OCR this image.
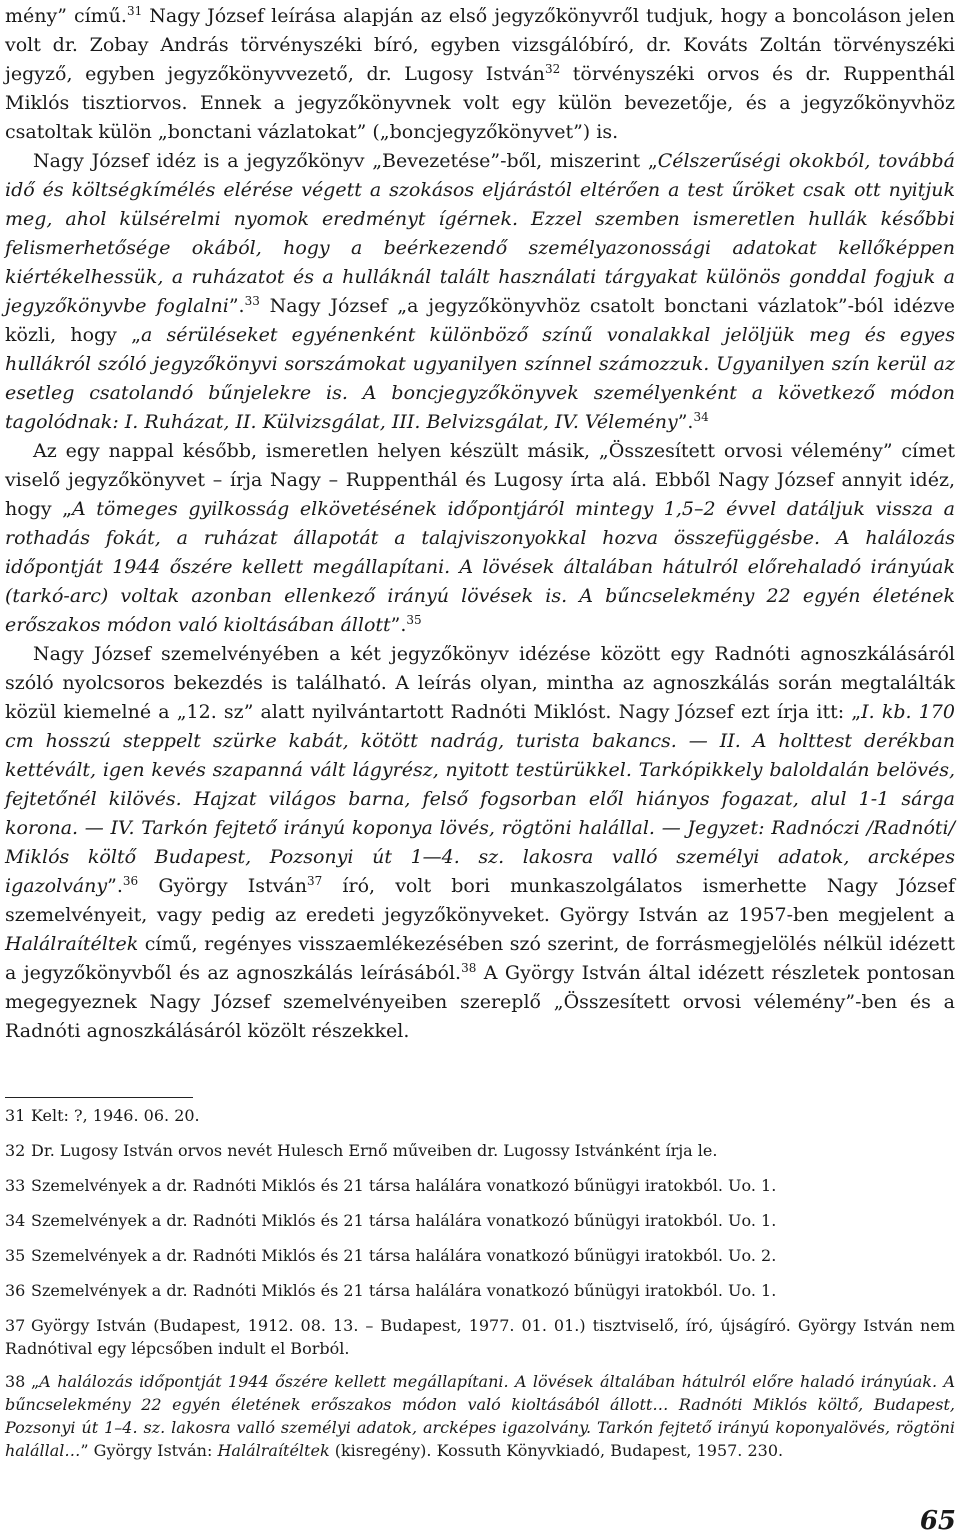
mény” című.$^{31}$ Nagy József leírása alapján az első jegyzőkönyvről tudjuk, hogy a boncoláson jelen volt dr. Zobay András törvényszéki bíró, egyben vizsgálóbíró, dr. Kováts Zoltán törvényszéki jegyző, egyben jegyzőkönyvvezető, dr. Lugosy István$^{32}$ törvényszéki orvos és dr. Ruppenthál Miklós tisztiorvos. Ennek a jegyzőkönyvnek volt egy külön bevezetője, és a jegyzőkönyvhöz csatoltak külön „bonctani vázlatokat” („boncjegyzőkönyvet”) is.

Nagy József idéz is a jegyzőkönyv „Bevezetése”-ből, miszerint „Célszerűségi okokból, továbbá idő és költségkímélés elérése végett a szokásos eljárástól eltérően a test űröket csak ott nyitjuk meg, ahol külsérelmi nyomok eredményt ígérnek. Ezzel szemben ismeretlen hullák későbbi felismerhetősége okából, hogy a beérkezendő személyazonossági adatokat kellőképpen kiértékelhessük, a ruházatot és a hulláknál talált használati tárgyakat különös gonddal fogjuk a jegyzőkönyvbe foglalni”.$^{33}$ Nagy József „a jegyzőkönyvhöz csatolt bonctani vázlatok”-ból idézve közli, hogy „a sérüléseket egyénenként különböző színű vonalakkal jelöljük meg és egyes hullákról szóló jegyzőkönyvi sorszámokat ugyanilyen színnel számozzuk. Ugyanilyen szín kerül az esetleg csatolandó bűnjelekre is. A boncjegyzőkönyvek személyenként a következő módon tagolódnak: I. Ruházat, II. Külvizsgálat, III. Belvizsgálat, IV. Vélemény”.$^{34}$

Az egy nappal később, ismeretlen helyen készült másik, „Összesített orvosi vélemény” címet viselő jegyzőkönyvet – írja Nagy – Ruppenthál és Lugosy írta alá. Ebből Nagy József annyit idéz, hogy „A tömeges gyilkosság elkövetésének időpontjáról mintegy 1,5–2 évvel datáljuk vissza a rothadás fokát, a ruházat állapotát a talajviszonyokkal hozva összefüggésbe. A halálozás időpontját 1944 őszére kellett megállapítani. A lövések általában hátulról előrehaladó irányúak (tarkó-arc) voltak azonban ellenkező irányú lövések is. A bűncselekmény 22 egyén életének erőszakos módon való kioltásában állott”.$^{35}$

Nagy József szemelvényében a két jegyzőkönyv idézése között egy Radnóti agnoszkálásáról szóló nyolcsoros bekezdés is található. A leírás olyan, mintha az agnoszkálás során megtalálták közül kiemelné a „12. sz” alatt nyilvántartott Radnóti Miklóst. Nagy József ezt írja itt: „I. kb. 170 cm hosszú steppelt szürke kabát, kötött nadrág, turista bakancs. — II. A holttest derékban kettévált, igen kevés szapanná vált lágyrész, nyitott testürükkel. Tarkópikkely baloldalán belövés, fejtetőnél kilövés. Hajzat világos barna, felső fogsorban elől hiányos fogazat, alul 1-1 sárga korona. — IV. Tarkón fejtető irányú koponya lövés, rögtöni halállal. — Jegyzet: Radnóczi /Radnóti/ Miklós költő Budapest, Pozsonyi út 1—4. sz. lakosra valló személyi adatok, arcképes igazolvány”.$^{36}$ György István$^{37}$ író, volt bori munkaszolgálatos ismerhette Nagy József szemelvényeit, vagy pedig az eredeti jegyzőkönyveket. György István az 1957-ben megjelent a Halálraítéltek című, regényes visszaemlékezésében szó szerint, de forrásmegjelölés nélkül idézett a jegyzőkönyvből és az agnoszkálás leírásából.$^{38}$ A György István által idézett részletek pontosan megegyeznek Nagy József szemelvényeiben szereplő „Összesített orvosi vélemény”-ben és a Radnóti agnoszkálásáról közölt részekkel.

31 Kelt: ?, 1946. 06. 20.
32 Dr. Lugosy István orvos nevét Hulesch Ernő műveiben dr. Lugossy Istvánként írja le.
33 Szemelvények a dr. Radnóti Miklós és 21 társa halálára vonatkozó bűnügyi iratokból. Uo. 1.
34 Szemelvények a dr. Radnóti Miklós és 21 társa halálára vonatkozó bűnügyi iratokból. Uo. 1.
35 Szemelvények a dr. Radnóti Miklós és 21 társa halálára vonatkozó bűnügyi iratokból. Uo. 2.
36 Szemelvények a dr. Radnóti Miklós és 21 társa halálára vonatkozó bűnügyi iratokból. Uo. 1.
37 György István (Budapest, 1912. 08. 13. – Budapest, 1977. 01. 01.) tisztviselő, író, újságíró. György István nem Radnótival egy lépcsőben indult el Borból.
38 „A halálozás időpontját 1944 őszére kellett megállapítani. A lövések általában hátulról előre haladó irányúak. A bűncselekmény 22 egyén életének erőszakos módon való kioltásából állott… Radnóti Miklós költő, Budapest, Pozsonyi út 1–4. sz. lakosra valló személyi adatok, arcképes igazolvány. Tarkón fejtető irányú koponyalövés, rögtöni halállal…” György István: Halálraítéltek (kisregény). Kossuth Könyvkiadó, Budapest, 1957. 230.
65
